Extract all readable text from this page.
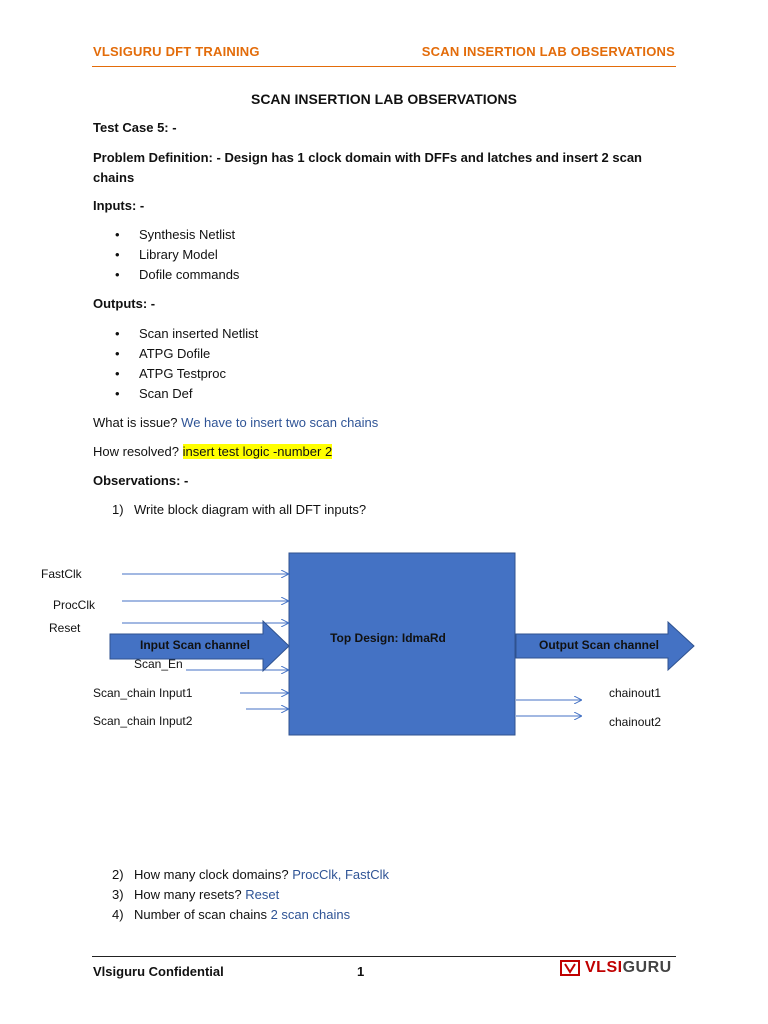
VLSIGURU DFT TRAINING	SCAN INSERTION LAB OBSERVATIONS
SCAN INSERTION LAB OBSERVATIONS
Test Case 5: -
Problem Definition: - Design has 1 clock domain with DFFs and latches and insert 2 scan
chains
Inputs: -
• Synthesis Netlist
• Library Model
• Dofile commands
Outputs: -
• Scan inserted Netlist
• ATPG Dofile
• ATPG Testproc
• Scan Def
What is issue? We have to insert two scan chains
How resolved? insert test logic -number 2
Observations: -
1) Write block diagram with all DFT inputs?
Top Design: IdmaRd
Input Scan channel	Output Scan channel
FastClk
ProcClk
Reset
Scan_En
Scan_chain Input1
Scan_chain Input2
chainout1
chainout2
2) How many clock domains? ProcClk, FastClk
3) How many resets? Reset
4) Number of scan chains 2 scan chains
Vlsiguru Confidential	1	VLSIGURU
